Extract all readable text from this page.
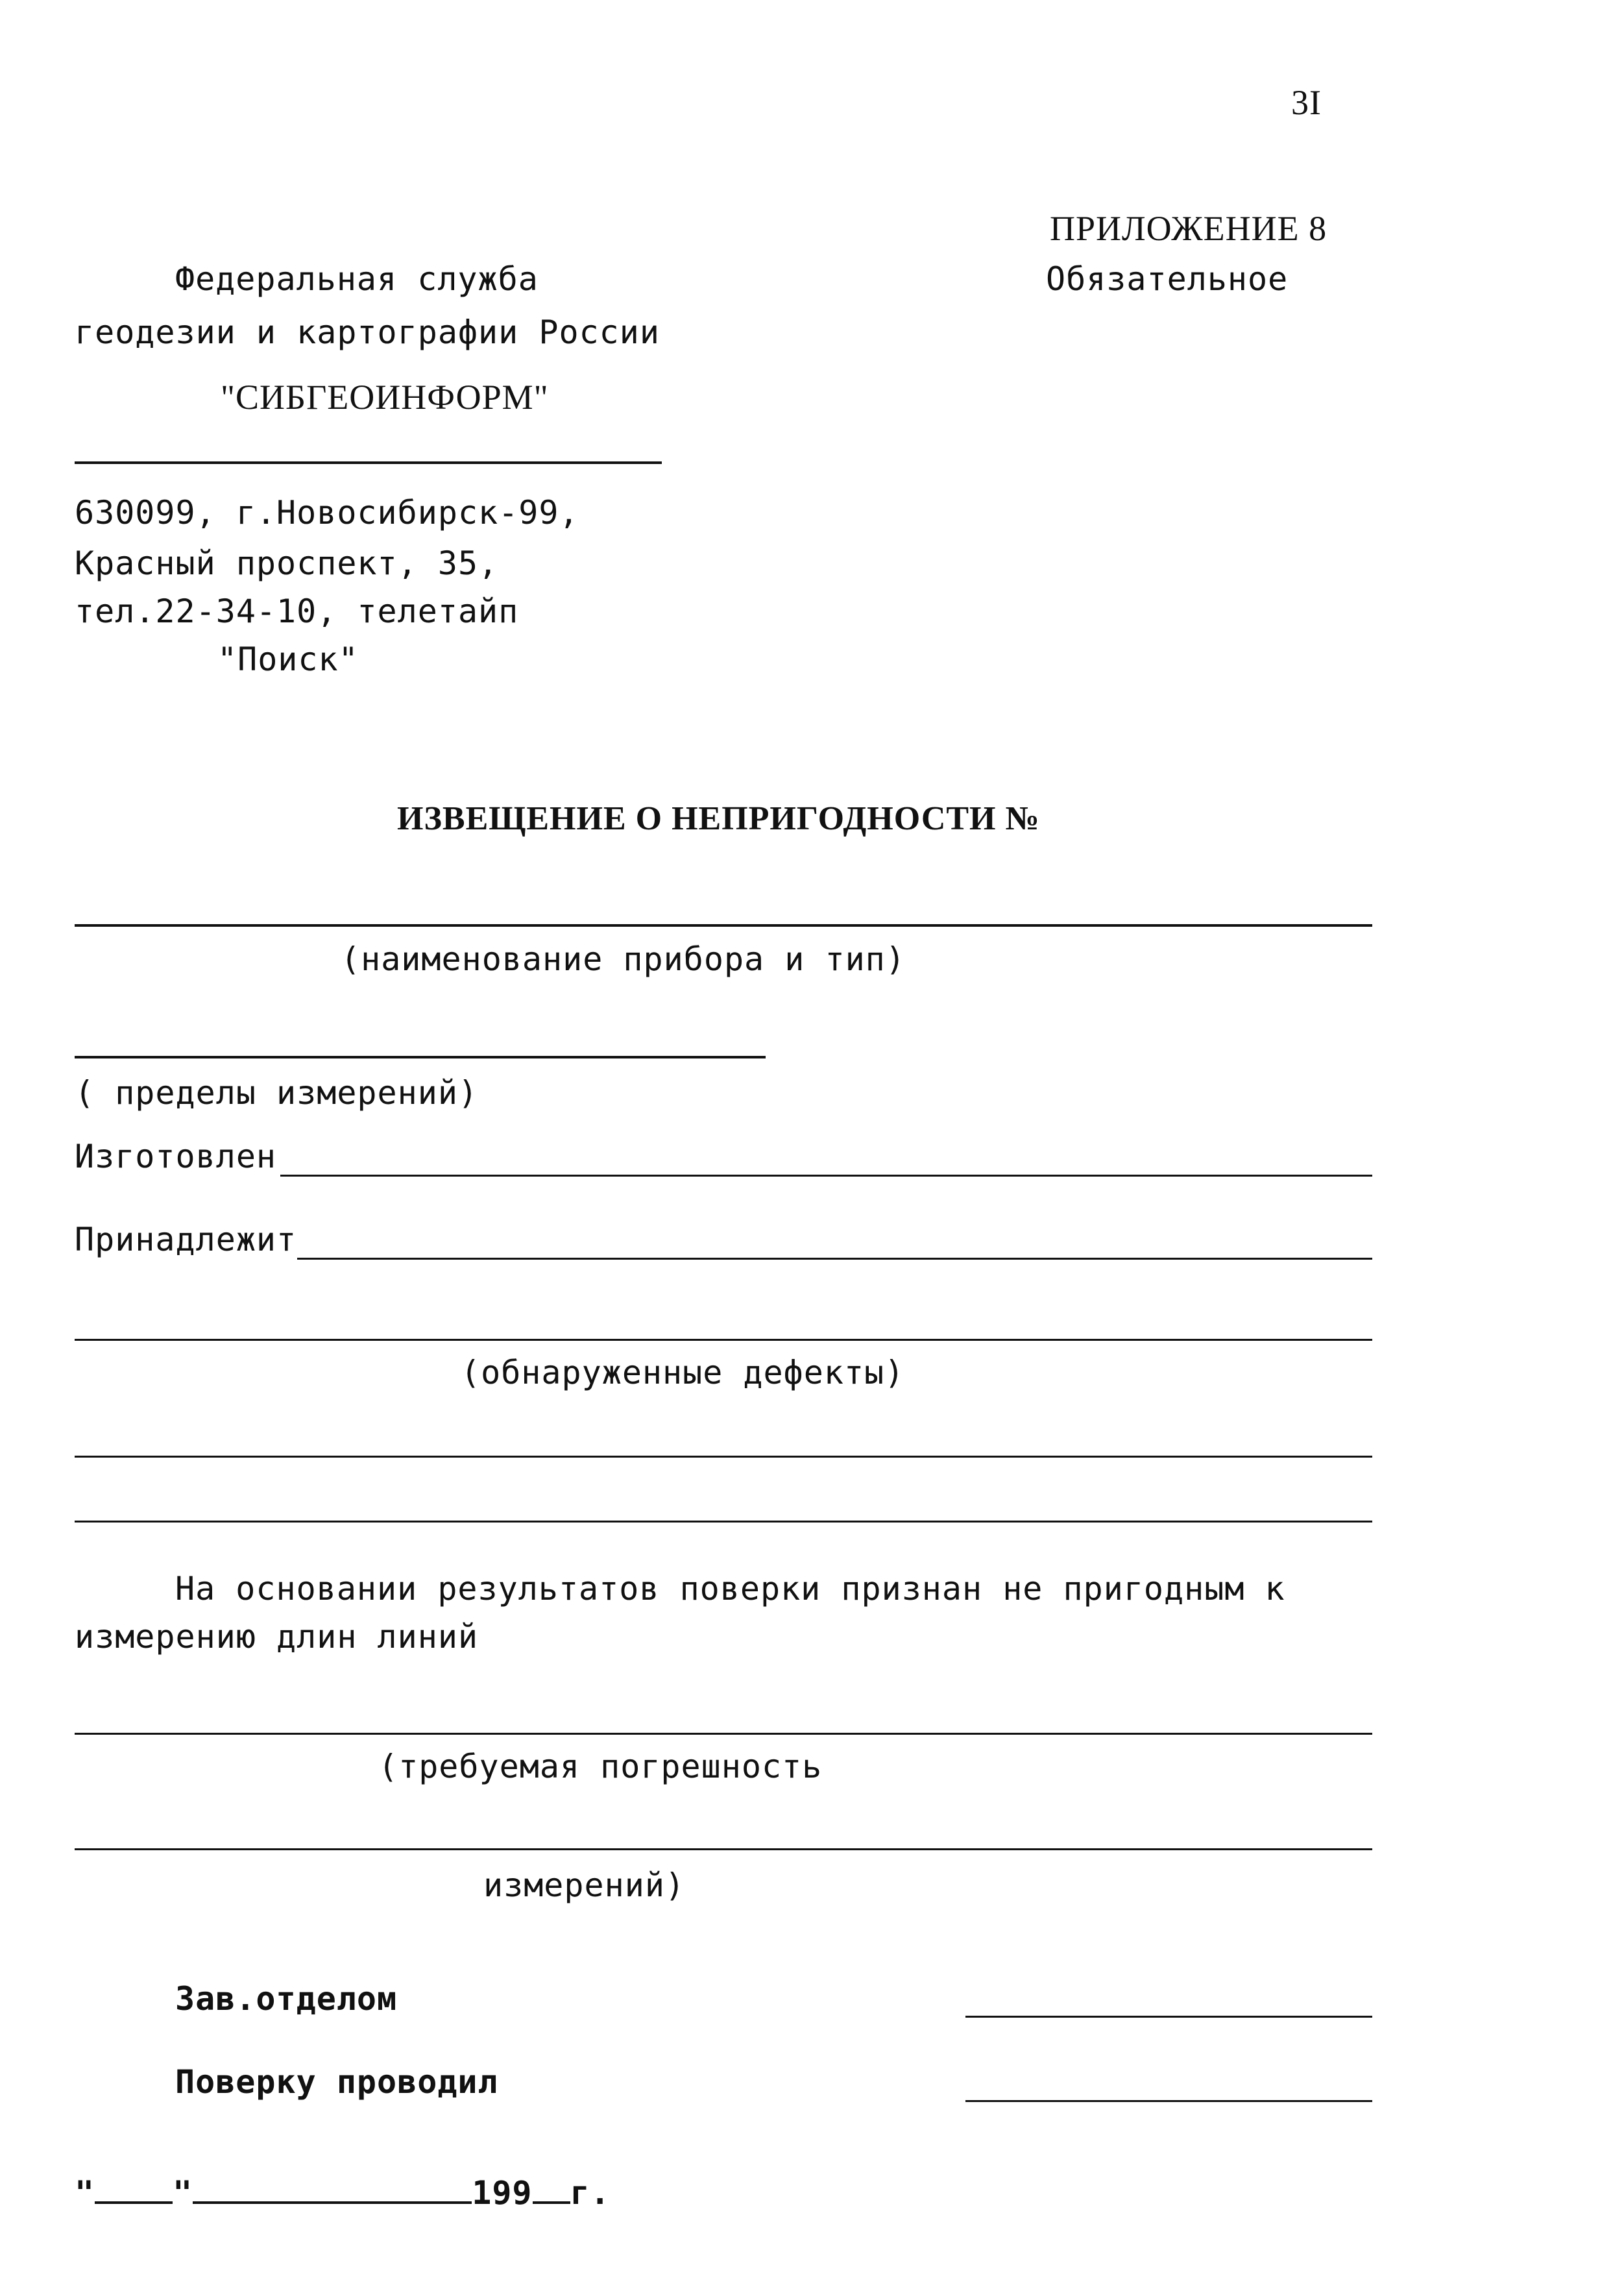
3I
ПРИЛОЖЕНИЕ 8
Обязательное
Федеральная служба
геодезии и картографии России
"СИБГЕОИНФОРМ"
630099, г.Новосибирск-99,
Красный проспект, 35,
тел.22-34-10, телетайп
"Поиск"
ИЗВЕЩЕНИЕ О НЕПРИГОДНОСТИ №
(наименование прибора и тип)
( пределы измерений)
Изготовлен
Принадлежит
(обнаруженные дефекты)
На основании результатов поверки признан не пригодным к
измерению длин линий
(требуемая погрешность
измерений)
Зав.отделом
Поверку проводил
" "	199 г.
